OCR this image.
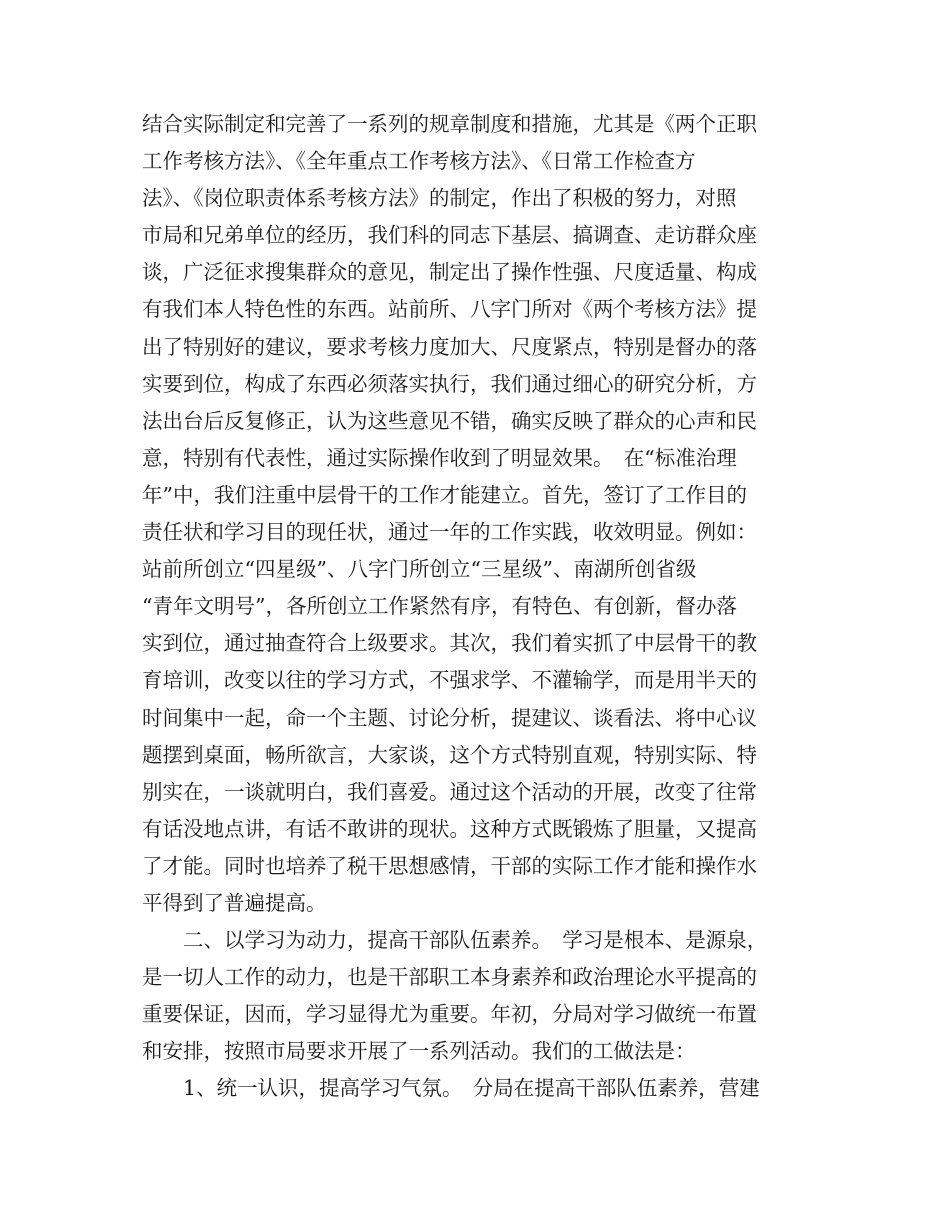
结合实际制定和完善了一系列的规章制度和措施，尤其是《两个正职
工作考核方法》、《全年重点工作考核方法》、《日常工作检查方
法》、《岗位职责体系考核方法》的制定，作出了积极的努力，对照
市局和兄弟单位的经历，我们科的同志下基层、搞调查、走访群众座
谈，广泛征求搜集群众的意见，制定出了操作性强、尺度适量、构成
有我们本人特色性的东西。站前所、八字门所对《两个考核方法》提
出了特别好的建议，要求考核力度加大、尺度紧点，特别是督办的落
实要到位，构成了东西必须落实执行，我们通过细心的研究分析，方
法出台后反复修正，认为这些意见不错，确实反映了群众的心声和民
意，特别有代表性，通过实际操作收到了明显效果。　在“标准治理
年”中，我们注重中层骨干的工作才能建立。首先，签订了工作目的
责任状和学习目的现任状，通过一年的工作实践，收效明显。例如：
站前所创立“四星级”、八字门所创立“三星级”、南湖所创省级
“青年文明号”，各所创立工作紧然有序，有特色、有创新，督办落
实到位，通过抽查符合上级要求。其次，我们着实抓了中层骨干的教
育培训，改变以往的学习方式，不强求学、不灌输学，而是用半天的
时间集中一起，命一个主题、讨论分析，提建议、谈看法、将中心议
题摆到桌面，畅所欲言，大家谈，这个方式特别直观，特别实际、特
别实在，一谈就明白，我们喜爱。通过这个活动的开展，改变了往常
有话没地点讲，有话不敢讲的现状。这种方式既锻炼了胆量，又提高
了才能。同时也培养了税干思想感情，干部的实际工作才能和操作水
平得到了普遍提高。
二、以学习为动力，提高干部队伍素养。　学习是根本、是源泉，
是一切人工作的动力，也是干部职工本身素养和政治理论水平提高的
重要保证，因而，学习显得尤为重要。年初，分局对学习做统一布置
和安排，按照市局要求开展了一系列活动。我们的工做法是：
1、统一认识，提高学习气氛。　分局在提高干部队伍素养，营建
